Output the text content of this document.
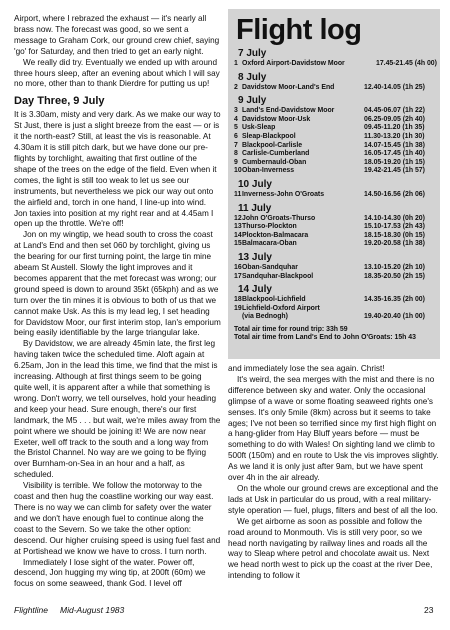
Airport, where I rebrazed the exhaust — it's nearly all brass now. The forecast was good, so we sent a message to Graham Cork, our ground crew chief, saying 'go' for Saturday, and then tried to get an early night.

We really did try. Eventually we ended up with around three hours sleep, after an evening about which I will say no more, other than to thank Dierdre for putting us up!

Day Three, 9 July

It is 3.30am, misty and very dark. As we make our way to St Just, there is just a slight breeze from the east — or is it the north-east? Still, at least the vis is reasonable. At 4.30am it is still pitch dark, but we have done our pre-flights by torchlight, awaiting that first outline of the shape of the trees on the edge of the field. Even when it comes, the light is still too weak to let us see our instruments, but nevertheless we pick our way out onto the airfield and, torch in one hand, I line-up into wind. Jon taxies into position at my right rear and at 4.45am I open up the throttle. We're off!

Jon on my wingtip, we head south to cross the coast at Land's End and then set 060 by torchlight, giving us the bearing for our first turning point, the large tin mine abeam St Austell. Slowly the light improves and it becomes apparent that the met forecast was wrong; our ground speed is down to around 35kt (65kph) and as we turn over the tin mines it is obvious to both of us that we cannot make Usk. As this is my lead leg, I set heading for Davidstow Moor, our first interim stop, Ian's emporium being easily identifiable by the large triangular lake.

By Davidstow, we are already 45min late, the first leg having taken twice the scheduled time. Aloft again at 6.25am, Jon in the lead this time, we find that the mist is increasing. Although at first things seem to be going quite well, it is apparent after a while that something is wrong. Don't worry, we tell ourselves, hold your heading and keep your head. Sure enough, there's our first landmark, the M5 . . . but wait, we're miles away from the point where we should be joining it! We are now near Exeter, well off track to the south and a long way from the Bristol Channel. No way are we going to be flying over Burnham-on-Sea in an hour and a half, as scheduled.

Visibility is terrible. We follow the motorway to the coast and then hug the coastline working our way east. There is no way we can climb for safety over the water and we don't have enough fuel to continue along the coast to the Severn. So we take the other option: descend. Our higher cruising speed is using fuel fast and at Portishead we know we have to cross. I turn north.

Immediately I lose sight of the water. Power off, descend, Jon hugging my wing tip, at 200ft (60m) we focus on some seaweed, thank God. I level off

Flight log
7 July
1 Oxford Airport-Davidstow Moor	17.45-21.45 (4h 00)
8 July
2 Davidstow Moor-Land's End	12.40-14.05 (1h 25)
9 July
3 Land's End-Davidstow Moor	04.45-06.07 (1h 22)
4 Davidstow Moor-Usk	06.25-09.05 (2h 40)
5 Usk-Sleap	09.45-11.20 (1h 35)
6 Sleap-Blackpool	11.30-13.20 (1h 30)
7 Blackpool-Carlisle	14.07-15.45 (1h 38)
8 Carlisle-Cumberland	16.05-17.45 (1h 40)
9 Cumbernauld-Oban	18.05-19.20 (1h 15)
10 Oban-Inverness	19.42-21.45 (1h 57)
10 July
11 Inverness-John O'Groats	14.50-16.56 (2h 06)
11 July
12 John O'Groats-Thurso	14.10-14.30 (0h 20)
13 Thurso-Plockton	15.10-17.53 (2h 43)
14 Plockton-Balmacara	18.15-18.30 (0h 15)
15 Balmacara-Oban	19.20-20.58 (1h 38)
13 July
16 Oban-Sandquhar	13.10-15.20 (2h 10)
17 Sandquhar-Blackpool	18.35-20.50 (2h 15)
14 July
18 Blackpool-Lichfield	14.35-16.35 (2h 00)
19 Lichfield-Oxford Airport
(via Bednogh)	19.40-20.40 (1h 00)
Total air time for round trip: 33h 59
Total air time from Land's End to John O'Groats: 15h 43

and immediately lose the sea again. Christ!

It's weird, the sea merges with the mist and there is no difference between sky and water. Only the occasional glimpse of a wave or some floating seaweed rights one's senses. It's only 5mile (8km) across but it seems to take ages; I've not been so terrified since my first high flight on a hang-glider from Hay Bluff years before — must be something to do with Wales! On sighting land we climb to 500ft (150m) and en route to Usk the vis improves slightly. As we land it is only just after 9am, but we have spent over 4h in the air already.

On the whole our ground crews are exceptional and the lads at Usk in particular do us proud, with a real military-style operation — fuel, plugs, filters and best of all the loo.

We get airborne as soon as possible and follow the road around to Monmouth. Vis is still very poor, so we head north navigating by railway lines and roads all the way to Sleap where petrol and chocolate await us. Next we head north west to pick up the coast at the river Dee, intending to follow it

Flightline Mid-August 1983	23
